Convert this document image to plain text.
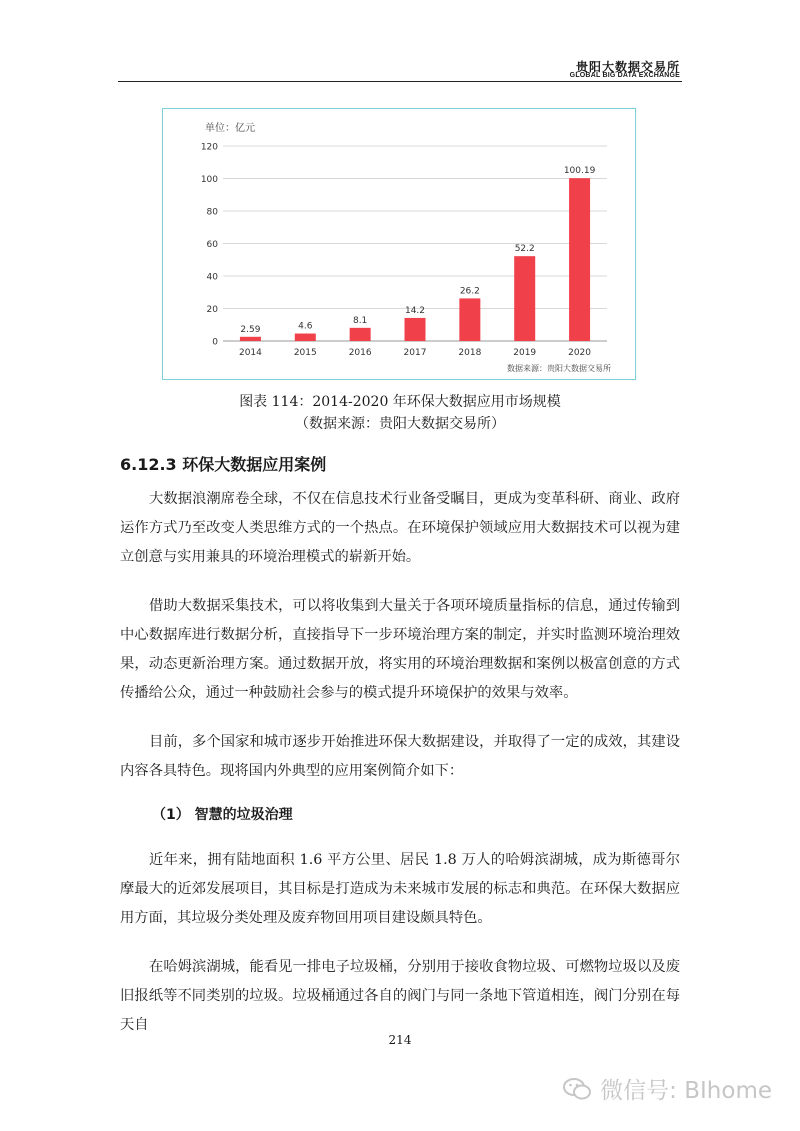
贵阳大数据交易所
GLOBAL BIG DATA EXCHANGE
单位：亿元
0
20
40
60
80
100
120
2.59
2014
4.6
2015
8.1
2016
14.2
2017
26.2
2018
52.2
2019
100.19
2020
数据来源：贵阳大数据交易所
图表 114：2014-2020 年环保大数据应用市场规模
（数据来源：贵阳大数据交易所）
6.12.3 环保大数据应用案例

大数据浪潮席卷全球，不仅在信息技术行业备受瞩目，更成为变革科研、商业、政府运作方式乃至改变人类思维方式的一个热点。在环境保护领域应用大数据技术可以视为建立创意与实用兼具的环境治理模式的崭新开始。

借助大数据采集技术，可以将收集到大量关于各项环境质量指标的信息，通过传输到中心数据库进行数据分析，直接指导下一步环境治理方案的制定，并实时监测环境治理效果，动态更新治理方案。通过数据开放，将实用的环境治理数据和案例以极富创意的方式传播给公众，通过一种鼓励社会参与的模式提升环境保护的效果与效率。

目前，多个国家和城市逐步开始推进环保大数据建设，并取得了一定的成效，其建设内容各具特色。现将国内外典型的应用案例简介如下：

（1） 智慧的垃圾治理

近年来，拥有陆地面积 1.6 平方公里、居民 1.8 万人的哈姆滨湖城，成为斯德哥尔摩最大的近郊发展项目，其目标是打造成为未来城市发展的标志和典范。在环保大数据应用方面，其垃圾分类处理及废弃物回用项目建设颇具特色。

在哈姆滨湖城，能看见一排电子垃圾桶，分别用于接收食物垃圾、可燃物垃圾以及废旧报纸等不同类别的垃圾。垃圾桶通过各自的阀门与同一条地下管道相连，阀门分别在每天自

214
微信号: BIhome
